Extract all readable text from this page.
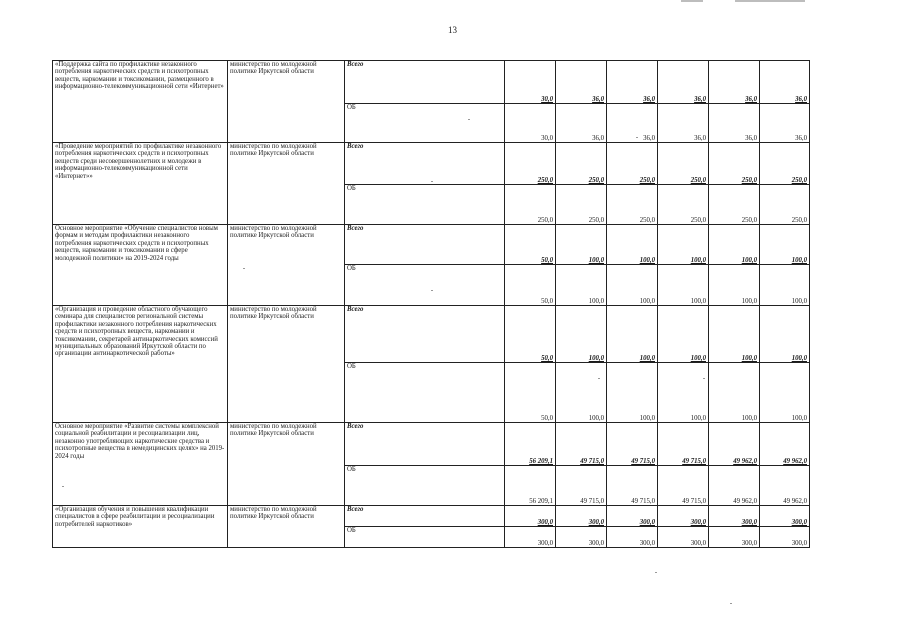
13
«Поддержка сайта по профилактике незаконного потребления наркотических средств и психотропных веществ, наркомании и токсикомании, размещенного в информационно-телекоммуникационной сети «Интернет»	министерство по молодежной политике Иркутской области	Всего	30,0	36,0	36,0	36,0	36,0	36,0
		ОБ	30,0	36,0	36,0	36,0	36,0	36,0
«Проведение мероприятий по профилактике незаконного потребления наркотических средств и психотропных веществ среди несовершеннолетних и молодежи в информационно-телекоммуникационной сети «Интернет»»	министерство по молодежной политике Иркутской области	Всего	250,0	250,0	250,0	250,0	250,0	250,0
		ОБ	250,0	250,0	250,0	250,0	250,0	250,0
Основное мероприятие «Обучение специалистов новым формам и методам профилактики незаконного потребления наркотических средств и психотропных веществ, наркомании и токсикомании в сфере молодежной политики» на 2019-2024 годы	министерство по молодежной политике Иркутской области	Всего	50,0	100,0	100,0	100,0	100,0	100,0
		ОБ	50,0	100,0	100,0	100,0	100,0	100,0
«Организация и проведение областного обучающего семинара для специалистов региональной системы профилактики незаконного потребления наркотических средств и психотропных веществ, наркомании и токсикомании, секретарей антинаркотических комиссий муниципальных образований Иркутской области по организации антинаркотической работы»	министерство по молодежной политике Иркутской области	Всего	50,0	100,0	100,0	100,0	100,0	100,0
		ОБ	50,0	100,0	100,0	100,0	100,0	100,0
Основное мероприятие «Развитие системы комплексной социальной реабилитации и ресоциализации лиц, незаконно употребляющих наркотические средства и психотропные вещества в немедицинских целях» на 2019-2024 годы	министерство по молодежной политике Иркутской области	Всего	56 209,1	49 715,0	49 715,0	49 715,0	49 962,0	49 962,0
		ОБ	56 209,1	49 715,0	49 715,0	49 715,0	49 962,0	49 962,0
«Организация обучения и повышения квалификации специалистов в сфере реабилитации и ресоциализации потребителей наркотиков»	министерство по молодежной политике Иркутской области	Всего	300,0	300,0	300,0	300,0	300,0	300,0
		ОБ	300,0	300,0	300,0	300,0	300,0	300,0
